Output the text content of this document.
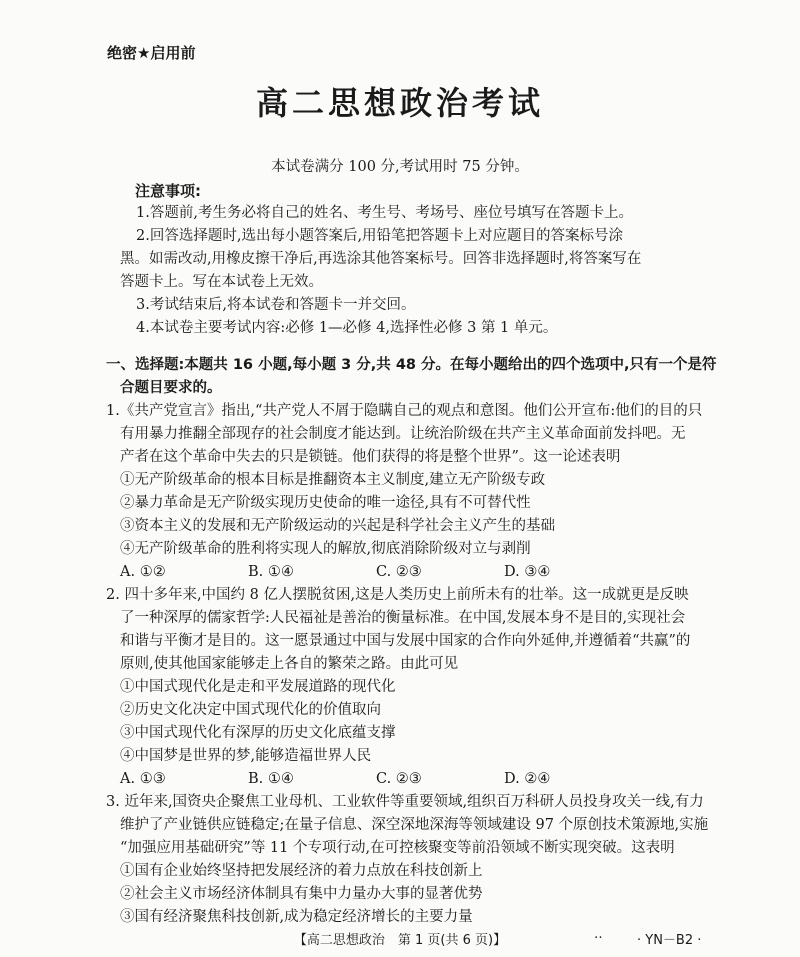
绝密★启用前
高二思想政治考试
本试卷满分 100 分,考试用时 75 分钟。
注意事项:
1.答题前,考生务必将自己的姓名、考生号、考场号、座位号填写在答题卡上。
2.回答选择题时,选出每小题答案后,用铅笔把答题卡上对应题目的答案标号涂
黑。如需改动,用橡皮擦干净后,再选涂其他答案标号。回答非选择题时,将答案写在
答题卡上。写在本试卷上无效。
3.考试结束后,将本试卷和答题卡一并交回。
4.本试卷主要考试内容:必修 1—必修 4,选择性必修 3 第 1 单元。
一、选择题:本题共 16 小题,每小题 3 分,共 48 分。在每小题给出的四个选项中,只有一个是符
合题目要求的。
1.《共产党宣言》指出,“共产党人不屑于隐瞒自己的观点和意图。他们公开宣布:他们的目的只
有用暴力推翻全部现存的社会制度才能达到。让统治阶级在共产主义革命面前发抖吧。无
产者在这个革命中失去的只是锁链。他们获得的将是整个世界”。这一论述表明
①无产阶级革命的根本目标是推翻资本主义制度,建立无产阶级专政
②暴力革命是无产阶级实现历史使命的唯一途径,具有不可替代性
③资本主义的发展和无产阶级运动的兴起是科学社会主义产生的基础
④无产阶级革命的胜利将实现人的解放,彻底消除阶级对立与剥削
A. ①②	B. ①④	C. ②③	D. ③④
2. 四十多年来,中国约 8 亿人摆脱贫困,这是人类历史上前所未有的壮举。这一成就更是反映
了一种深厚的儒家哲学:人民福祉是善治的衡量标准。在中国,发展本身不是目的,实现社会
和谐与平衡才是目的。这一愿景通过中国与发展中国家的合作向外延伸,并遵循着“共赢”的
原则,使其他国家能够走上各自的繁荣之路。由此可见
①中国式现代化是走和平发展道路的现代化
②历史文化决定中国式现代化的价值取向
③中国式现代化有深厚的历史文化底蕴支撑
④中国梦是世界的梦,能够造福世界人民
A. ①③	B. ①④	C. ②③	D. ②④
3. 近年来,国资央企聚焦工业母机、工业软件等重要领域,组织百万科研人员投身攻关一线,有力
维护了产业链供应链稳定;在量子信息、深空深地深海等领域建设 97 个原创技术策源地,实施
“加强应用基础研究”等 11 个专项行动,在可控核聚变等前沿领域不断实现突破。这表明
①国有企业始终坚持把发展经济的着力点放在科技创新上
②社会主义市场经济体制具有集中力量办大事的显著优势
③国有经济聚焦科技创新,成为稳定经济增长的主要力量
【高二思想政治　第 1 页(共 6 页)】	‥	· YN－B2 ·
